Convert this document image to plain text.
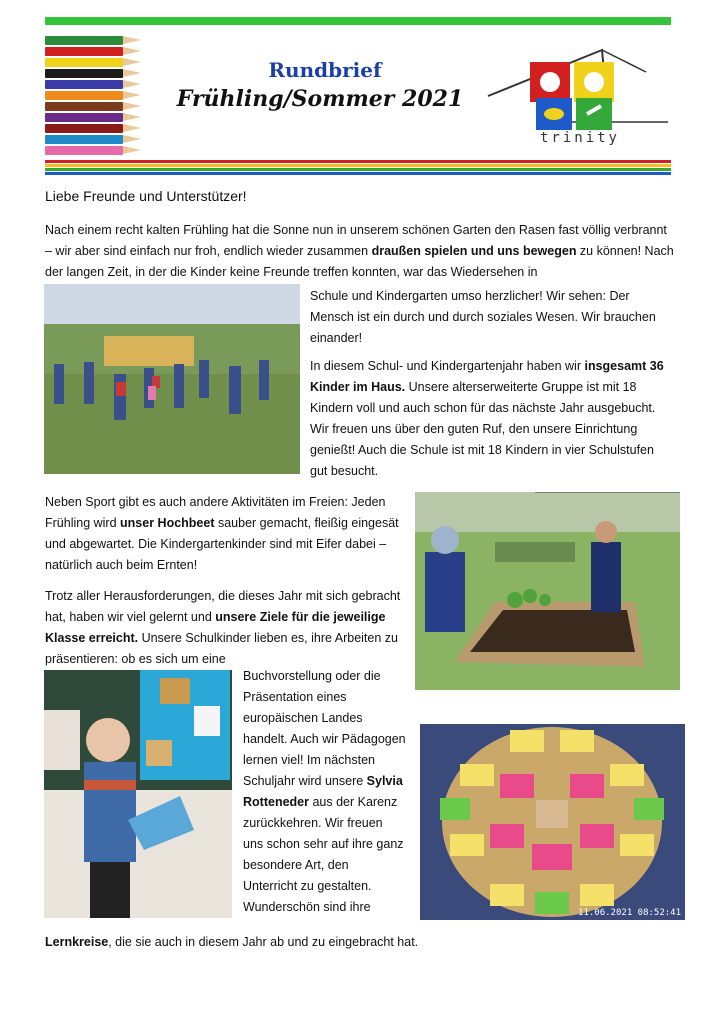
Rundbrief
Frühling/Sommer 2021
trinity
Liebe Freunde und Unterstützer!
Nach einem recht kalten Frühling hat die Sonne nun in unserem schönen Garten den Rasen fast völlig verbrannt – wir aber sind einfach nur froh, endlich wieder zusammen draußen spielen und uns bewegen zu können! Nach der langen Zeit, in der die Kinder keine Freunde treffen konnten, war das Wiedersehen in
Schule und Kindergarten umso herzlicher! Wir sehen: Der Mensch ist ein durch und durch soziales Wesen. Wir brauchen einander!
In diesem Schul- und Kindergartenjahr haben wir insgesamt 36 Kinder im Haus. Unsere alterserweiterte Gruppe ist mit 18 Kindern voll und auch schon für das nächste Jahr ausgebucht. Wir freuen uns über den guten Ruf, den unsere Einrichtung genießt! Auch die Schule ist mit 18 Kindern in vier Schulstufen gut besucht.
Neben Sport gibt es auch andere Aktivitäten im Freien: Jeden Frühling wird unser Hochbeet sauber gemacht, fleißig eingesät und abgewartet. Die Kindergartenkinder sind mit Eifer dabei – natürlich auch beim Ernten!
Trotz aller Herausforderungen, die dieses Jahr mit sich gebracht hat, haben wir viel gelernt und unsere Ziele für die jeweilige Klasse erreicht. Unsere Schulkinder lieben es, ihre Arbeiten zu präsentieren: ob es sich um eine
Buchvorstellung oder die Präsentation eines europäischen Landes handelt. Auch wir Pädagogen lernen viel! Im nächsten Schuljahr wird unsere Sylvia Rotteneder aus der Karenz zurückkehren. Wir freuen uns schon sehr auf ihre ganz besondere Art, den Unterricht zu gestalten. Wunderschön sind ihre
Lernkreise, die sie auch in diesem Jahr ab und zu eingebracht hat.
11.06.2021 08:52:41
